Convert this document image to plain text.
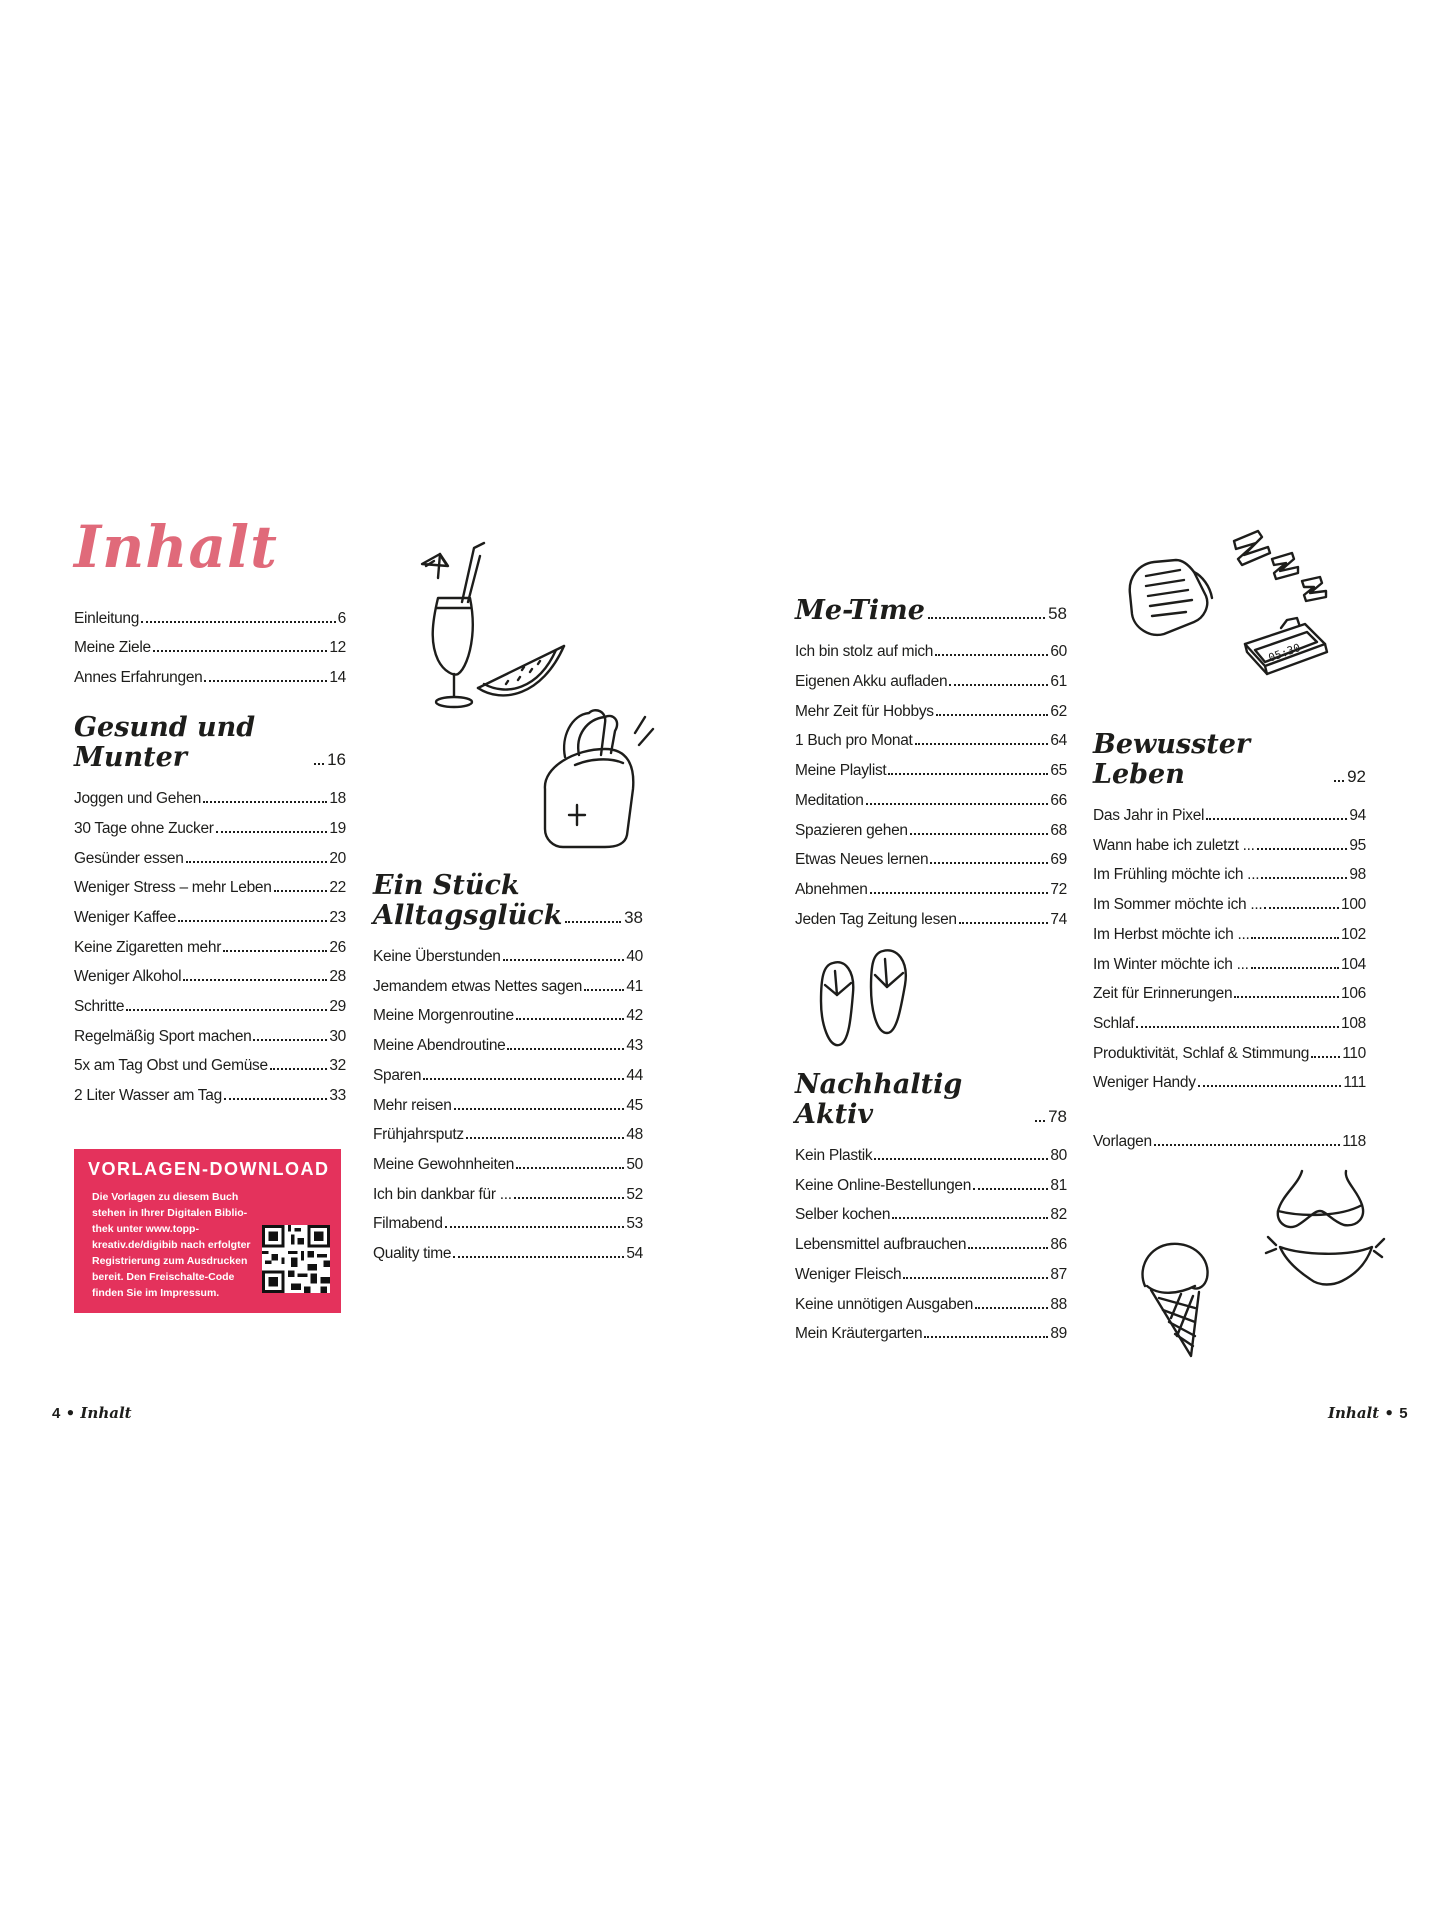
Inhalt
Einleitung	6
Meine Ziele	12
Annes Erfahrungen	14
Gesund und Munter	16
Joggen und Gehen	18
30 Tage ohne Zucker	19
Gesünder essen	20
Weniger Stress – mehr Leben	22
Weniger Kaffee	23
Keine Zigaretten mehr	26
Weniger Alkohol	28
Schritte	29
Regelmäßig Sport machen	30
5x am Tag Obst und Gemüse	32
2 Liter Wasser am Tag	33

VORLAGEN-DOWNLOAD

Die Vorlagen zu diesem Buch stehen in Ihrer Digitalen Biblio-thek unter www.topp-kreativ.de/digibib nach erfolgter Registrierung zum Ausdrucken bereit. Den Freischalte-Code finden Sie im Impressum.

Ein Stück
Alltagsglück	38
Keine Überstunden	40
Jemandem etwas Nettes sagen	41
Meine Morgenroutine	42
Meine Abendroutine	43
Sparen	44
Mehr reisen	45
Frühjahrsputz	48
Meine Gewohnheiten	50
Ich bin dankbar für ...	52
Filmabend	53
Quality time	54
Me-Time	58
Ich bin stolz auf mich	60
Eigenen Akku aufladen	61
Mehr Zeit für Hobbys	62
1 Buch pro Monat	64
Meine Playlist	65
Meditation	66
Spazieren gehen	68
Etwas Neues lernen	69
Abnehmen	72
Jeden Tag Zeitung lesen	74
Nachhaltig Aktiv	78
Kein Plastik	80
Keine Online-Bestellungen	81
Selber kochen	82
Lebensmittel aufbrauchen	86
Weniger Fleisch	87
Keine unnötigen Ausgaben	88
Mein Kräutergarten	89
Bewusster Leben	92
Das Jahr in Pixel	94
Wann habe ich zuletzt ...	95
Im Frühling möchte ich ...	98
Im Sommer möchte ich ...	100
Im Herbst möchte ich ...	102
Im Winter möchte ich ...	104
Zeit für Erinnerungen	106
Schlaf	108
Produktivität, Schlaf & Stimmung 110
Weniger Handy	111
Vorlagen	118
05:30
4 • Inhalt	Inhalt • 5
